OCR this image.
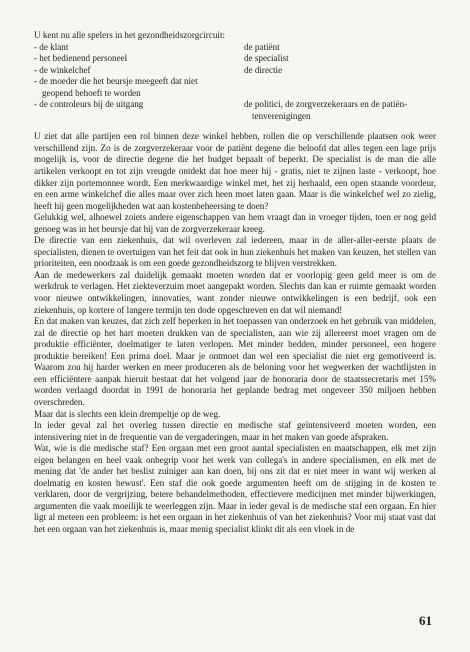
U kent nu alle spelers in het gezondheidszorgcircuit:

- de klant	de patiënt
- het bedienend personeel	de specialist
- de winkelchef	de directie
- de moeder die het beursje meegeeft dat niet
geopend behoeft te worden
- de controleurs bij de uitgang	de politici, de zorgverzekeraars en de patiën-
tenverenigingen

U ziet dat alle partijen een rol binnen deze winkel hebben, rollen die op verschillende plaatsen ook weer verschillend zijn. Zo is de zorgverzekeraar voor de patiënt degene die beloofd dat alles tegen een lage prijs mogelijk is, voor de directie degene die het budget bepaalt of beperkt. De specialist is de man die alle artikelen verkoopt en tot zijn vreugde ontdekt dat hoe meer hij - gratis, niet te zijnen laste - verkoopt, hoe dikker zijn portemonnee wordt. Een merkwaardige winkel met, het zij herhaald, een open staande voordeur, en een arme winkelchef die alles maar over zich heen moet laten gaan. Maar is die winkelchef wel zo zielig, heeft hij geen mogelijkheden wat aan kostenbeheersing te doen?

Gelukkig wel, alhoewel zoiets andere eigenschappen van hem vraagt dan in vroeger tijden, toen er nog geld genoeg was in het beursje dat hij van de zorgverzekeraar kreeg.

De directie van een ziekenhuis, dat wil overleven zal iedereen, maar in de aller-aller-eerste plaats de specialisten, dienen te overtuigen van het feit dat ook in hun ziekenhuis het maken van keuzen, het stellen van prioriteiten, een noodzaak is om een goede gezondheidszorg te blijven verstrekken.

Aan de medewerkers zal duidelijk gemaakt moeten worden dat er voorlopig geen geld meer is om de werkdruk te verlagen. Het ziekteverzuim moet aangepakt worden. Slechts dan kan er ruimte gemaakt worden voor nieuwe ontwikkelingen, innovaties, want zonder nieuwe ontwikkelingen is een bedrijf, ook een ziekenhuis, op kortere of langere termijn ten dode opgeschreven en dat wil niemand!

En dat maken van keuzes, dat zich zelf beperken in het toepassen van onderzoek en het gebruik van middelen, zal de directie op het hart moeten drukken van de specialisten, aan wie zij allereerst moet vragen om de produktie efficiënter, doelmatiger te laten verlopen. Met minder bedden, minder personeel, een hogere produktie bereiken! Een prima doel. Maar je ontmoet dan wel een specialist die niet erg gemotiveerd is. Waarom zou hij harder werken en meer produceren als de beloning voor het wegwerken der wachtlijsten in een efficiëntere aanpak hieruit bestaat dat het volgend jaar de honoraria door de staatssecretaris met 15% worden verlaagd doordat in 1991 de honoraria het geplande bedrag met ongeveer 350 miljoen hebben overschreden.

Maar dat is slechts een klein drempeltje op de weg.

In ieder geval zal het overleg tussen directie en medische staf geïntensiveerd moeten worden, een intensivering niet in de frequentie van de vergaderingen, maar in het maken van goede afspraken.

Wat, wie is die medische staf? Een orgaan met een groot aantal specialisten en maatschappen, elk met zijn eigen belangen en heel vaak onbegrip voor het werk van collega's in andere specialismen, en elk met de mening dat 'de ander het beslist zuiniger aan kan doen, bij ons zit dat er niet meer in want wij werken al doelmatig en kosten bewust'. Een staf die ook goede argumenten heeft om de stijging in de kosten te verklaren, door de vergrijzing, betere behandelmethoden, effectievere medicijnen met minder bijwerkingen, argumenten die vaak moeilijk te weerleggen zijn. Maar in ieder geval is de medische staf een orgaan. En hier ligt al meteen een probleem: is het een orgaan in het ziekenhuis of van het ziekenhuis? Voor mij staat vast dat het een orgaan van het ziekenhuis is, maar menig specialist klinkt dit als een vloek in de

61
